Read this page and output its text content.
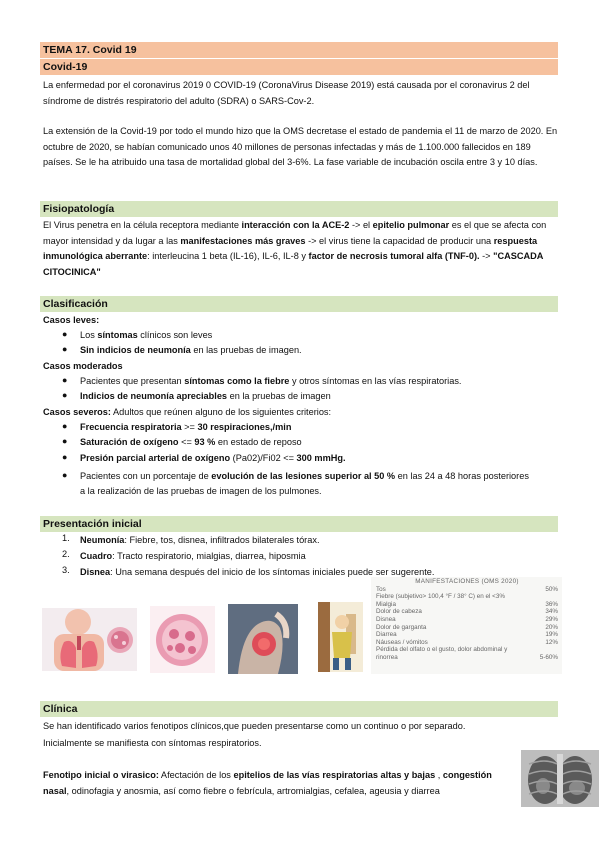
TEMA 17. Covid 19
Covid-19
La enfermedad por el coronavirus 2019 0 COVID-19 (CoronaVirus Disease 2019) está causada por el coronavirus 2 del síndrome de distrés respiratorio del adulto (SDRA) o SARS-Cov-2.
La extensión de la Covid-19 por todo el mundo hizo que la OMS decretase el estado de pandemia el 11 de marzo de 2020. En octubre de 2020, se habían comunicado unos 40 millones de personas infectadas y más de 1.100.000 fallecidos en 189 países. Se le ha atribuido una tasa de mortalidad global del 3-6%. La fase variable de incubación oscila entre 3 y 10 días.
Fisiopatología
El Virus penetra en la célula receptora mediante interacción con la ACE-2 -> el epitelio pulmonar es el que se afecta con mayor intensidad y da lugar a las manifestaciones más graves -> el virus tiene la capacidad de producir una respuesta inmunológica aberrante: interleucina 1 beta (IL-16), IL-6, IL-8 y factor de necrosis tumoral alfa (TNF-0). -> "CASCADA CITOCINICA"
Clasificación
Casos leves:
● Los síntomas clínicos son leves
● Sin indicios de neumonía en las pruebas de imagen.
Casos moderados
● Pacientes que presentan síntomas como la fiebre y otros síntomas en las vías respiratorias.
● Indicios de neumonía apreciables en la pruebas de imagen
Casos severos: Adultos que reúnen alguno de los siguientes criterios:
● Frecuencia respiratoria >= 30 respiraciones,/min
● Saturación de oxígeno <= 93 % en estado de reposo
● Presión parcial arterial de oxígeno (Pa02)/Fi02 <= 300 mmHg.
● Pacientes con un porcentaje de evolución de las lesiones superior al 50 % en las 24 a 48 horas posteriores
a la realización de las pruebas de imagen de los pulmones.
Presentación inicial
1. Neumonía: Fiebre, tos, disnea, infiltrados bilaterales tórax.
2. Cuadro: Tracto respiratorio, mialgias, diarrea, hiposmia
3. Disnea: Una semana después del inicio de los síntomas iniciales puede ser sugerente.
MANIFESTACIONES (OMS 2020)
Tos	50%
Fiebre (subjetivo> 100,4 °F / 38° C) en el <3%
Mialgia	36%
Dolor de cabeza	34%
Disnea	29%
Dolor de garganta	20%
Diarrea	19%
Náuseas / vómitos	12%
Pérdida del olfato o el gusto, dolor abdominal y
rinorrea	5-60%
Clínica
Se han identificado varios fenotipos clínicos,que pueden presentarse como un continuo o por separado.
Inicialmente se manifiesta con síntomas respiratorios.
Fenotipo inicial o virasico: Afectación de los epitelios de las vías respiratorias altas y bajas , congestión
nasal, odinofagia y anosmia, así como fiebre o febrícula, artromialgias, cefalea, ageusia y diarrea
